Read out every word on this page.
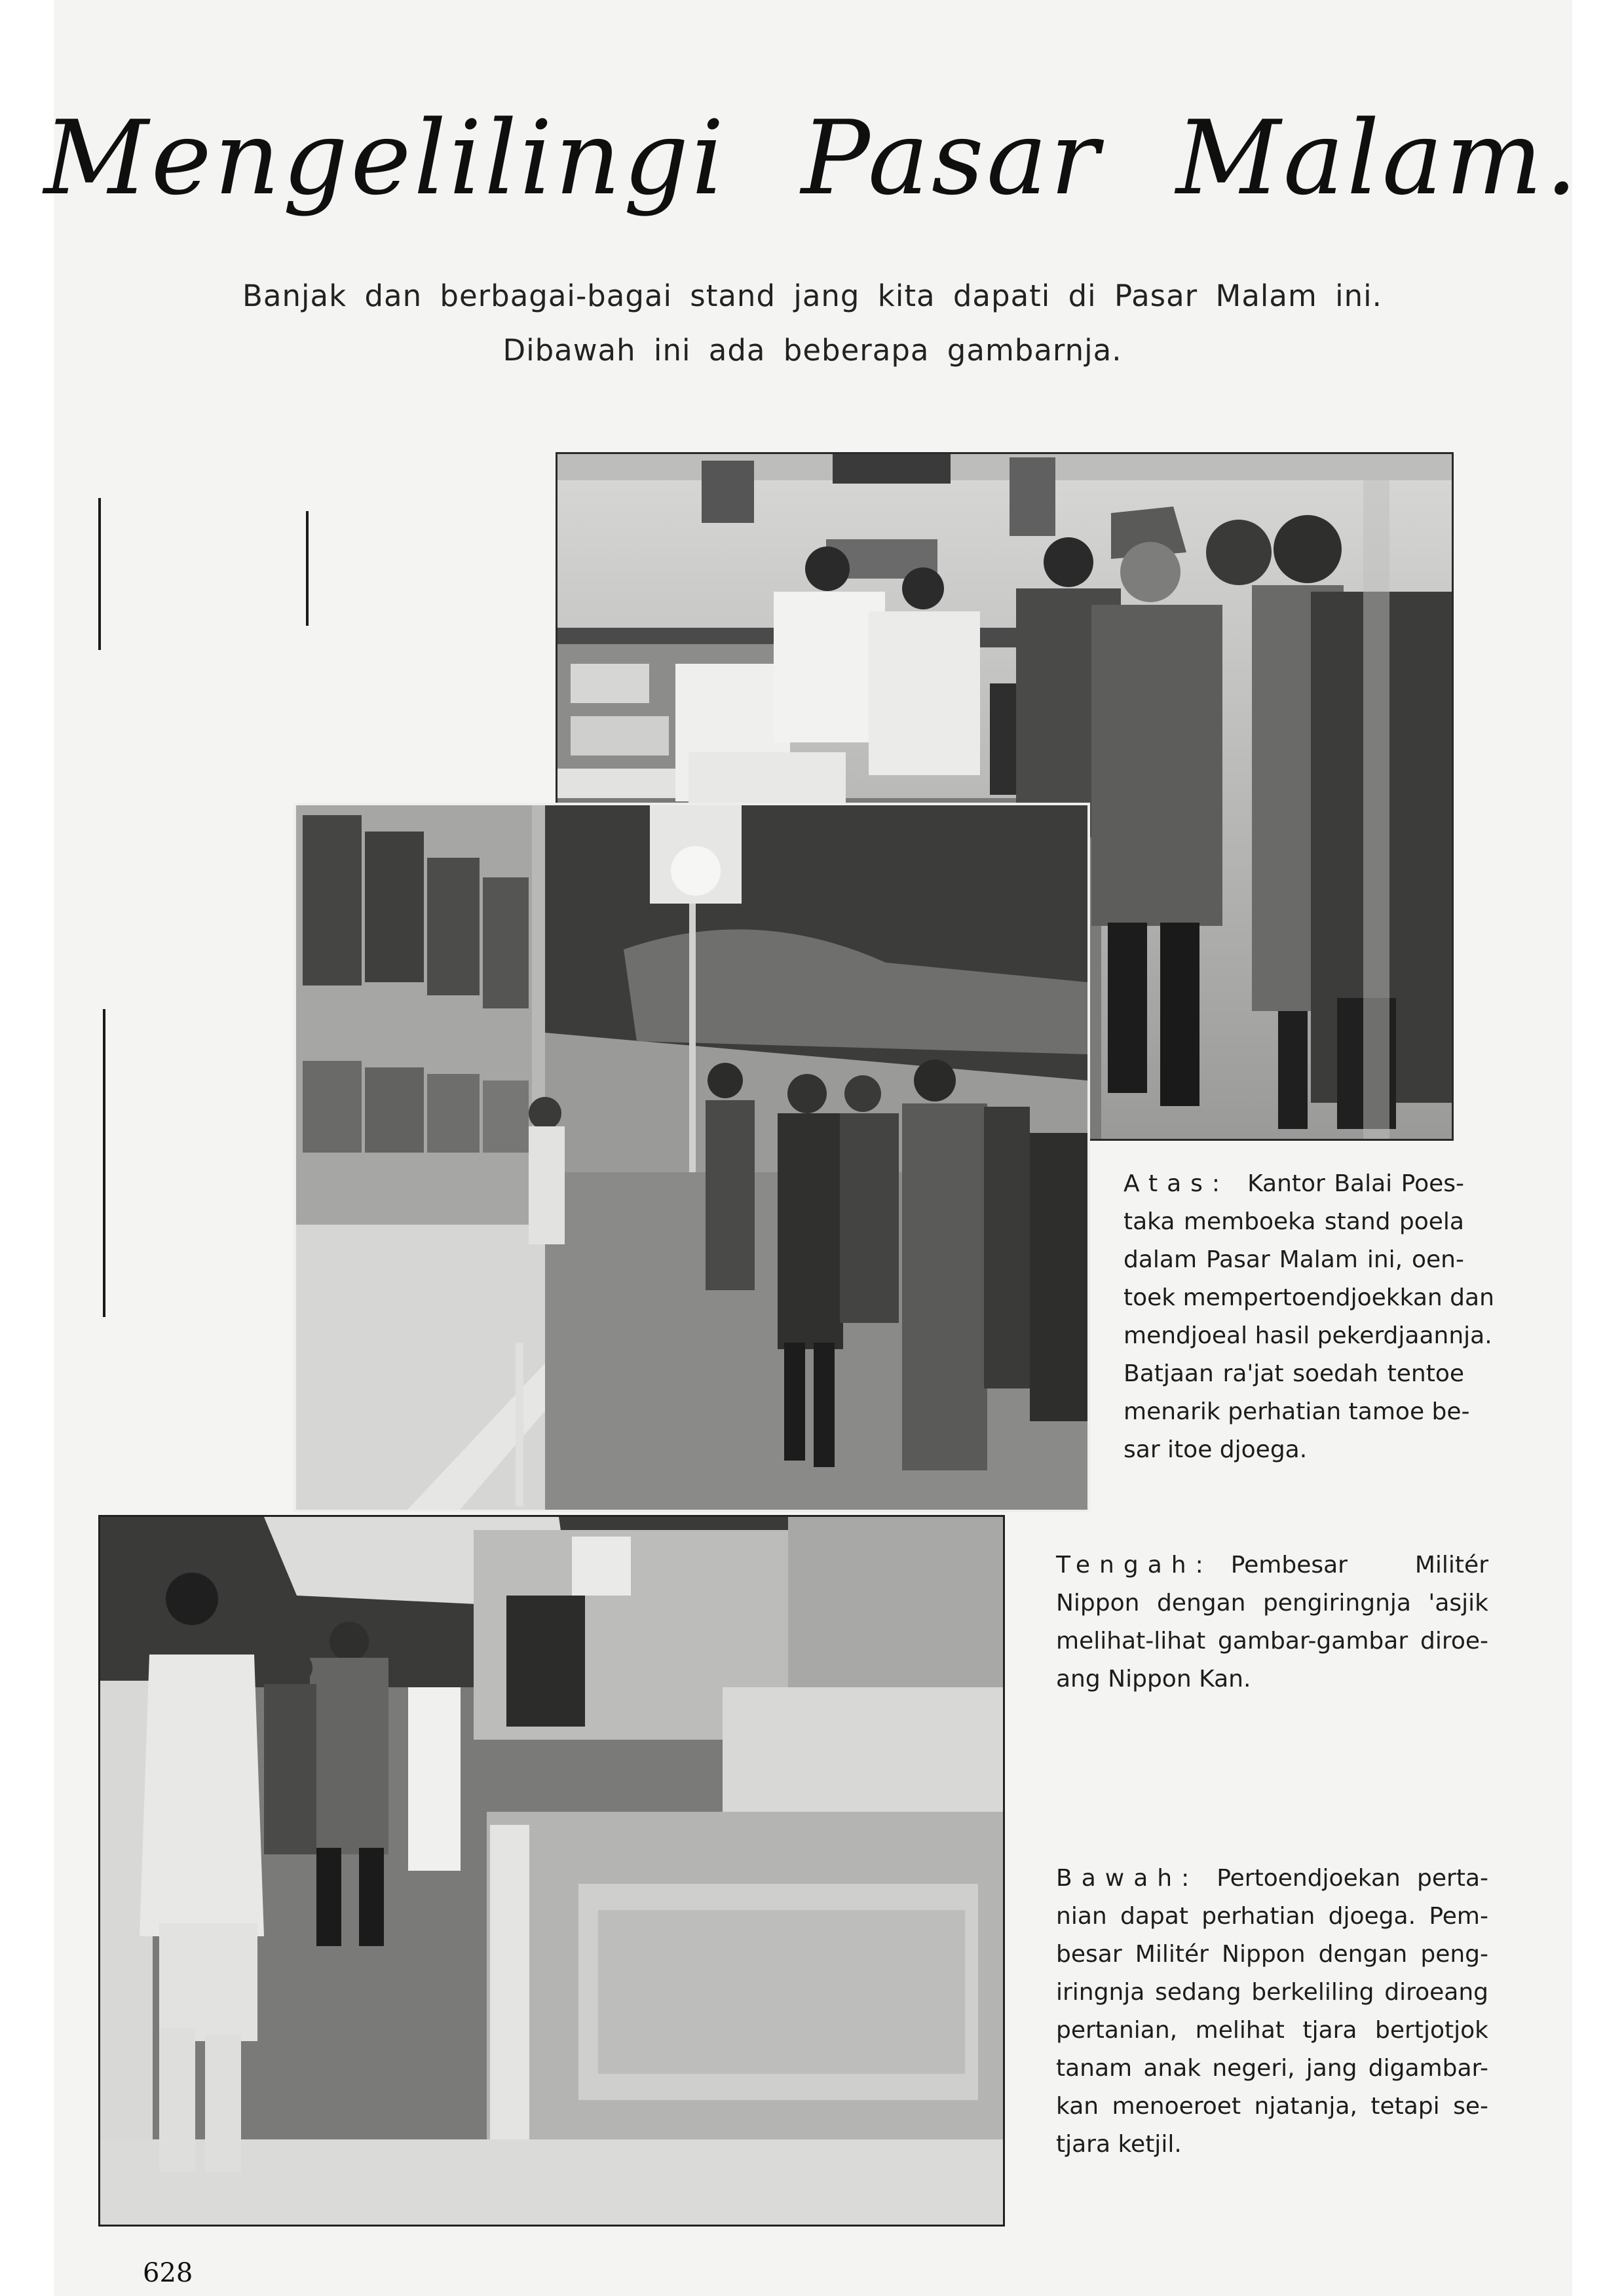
Mengelilingi Pasar Malam.
Banjak dan berbagai-bagai stand jang kita dapati di Pasar Malam ini.
Dibawah ini ada beberapa gambarnja.
Atas: Kantor Balai Poes-
taka memboeka stand poela
dalam Pasar Malam ini, oen-
toek mempertoendjoekkan dan
mendjoeal hasil pekerdjaannja.
Batjaan ra'jat soedah tentoe
menarik perhatian tamoe be-
sar itoe djoega.
Tengah: Pembesar Militér
Nippon dengan pengiringnja 'asjik
melihat-lihat gambar-gambar diroe-
ang Nippon Kan.
Bawah: Pertoendjoekan perta-
nian dapat perhatian djoega. Pem-
besar Militér Nippon dengan peng-
iringnja sedang berkeliling diroeang
pertanian, melihat tjara bertjotjok
tanam anak negeri, jang digambar-
kan menoeroet njatanja, tetapi se-
tjara ketjil.
628
